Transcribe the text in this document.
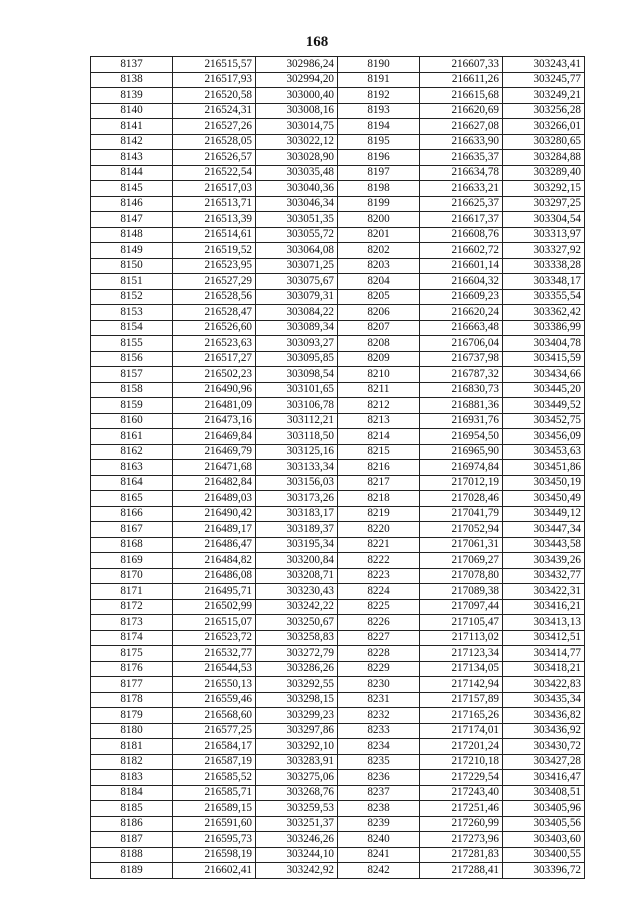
168
8137	216515,57	302986,24	8190	216607,33	303243,41
8138	216517,93	302994,20	8191	216611,26	303245,77
8139	216520,58	303000,40	8192	216615,68	303249,21
8140	216524,31	303008,16	8193	216620,69	303256,28
8141	216527,26	303014,75	8194	216627,08	303266,01
8142	216528,05	303022,12	8195	216633,90	303280,65
8143	216526,57	303028,90	8196	216635,37	303284,88
8144	216522,54	303035,48	8197	216634,78	303289,40
8145	216517,03	303040,36	8198	216633,21	303292,15
8146	216513,71	303046,34	8199	216625,37	303297,25
8147	216513,39	303051,35	8200	216617,37	303304,54
8148	216514,61	303055,72	8201	216608,76	303313,97
8149	216519,52	303064,08	8202	216602,72	303327,92
8150	216523,95	303071,25	8203	216601,14	303338,28
8151	216527,29	303075,67	8204	216604,32	303348,17
8152	216528,56	303079,31	8205	216609,23	303355,54
8153	216528,47	303084,22	8206	216620,24	303362,42
8154	216526,60	303089,34	8207	216663,48	303386,99
8155	216523,63	303093,27	8208	216706,04	303404,78
8156	216517,27	303095,85	8209	216737,98	303415,59
8157	216502,23	303098,54	8210	216787,32	303434,66
8158	216490,96	303101,65	8211	216830,73	303445,20
8159	216481,09	303106,78	8212	216881,36	303449,52
8160	216473,16	303112,21	8213	216931,76	303452,75
8161	216469,84	303118,50	8214	216954,50	303456,09
8162	216469,79	303125,16	8215	216965,90	303453,63
8163	216471,68	303133,34	8216	216974,84	303451,86
8164	216482,84	303156,03	8217	217012,19	303450,19
8165	216489,03	303173,26	8218	217028,46	303450,49
8166	216490,42	303183,17	8219	217041,79	303449,12
8167	216489,17	303189,37	8220	217052,94	303447,34
8168	216486,47	303195,34	8221	217061,31	303443,58
8169	216484,82	303200,84	8222	217069,27	303439,26
8170	216486,08	303208,71	8223	217078,80	303432,77
8171	216495,71	303230,43	8224	217089,38	303422,31
8172	216502,99	303242,22	8225	217097,44	303416,21
8173	216515,07	303250,67	8226	217105,47	303413,13
8174	216523,72	303258,83	8227	217113,02	303412,51
8175	216532,77	303272,79	8228	217123,34	303414,77
8176	216544,53	303286,26	8229	217134,05	303418,21
8177	216550,13	303292,55	8230	217142,94	303422,83
8178	216559,46	303298,15	8231	217157,89	303435,34
8179	216568,60	303299,23	8232	217165,26	303436,82
8180	216577,25	303297,86	8233	217174,01	303436,92
8181	216584,17	303292,10	8234	217201,24	303430,72
8182	216587,19	303283,91	8235	217210,18	303427,28
8183	216585,52	303275,06	8236	217229,54	303416,47
8184	216585,71	303268,76	8237	217243,40	303408,51
8185	216589,15	303259,53	8238	217251,46	303405,96
8186	216591,60	303251,37	8239	217260,99	303405,56
8187	216595,73	303246,26	8240	217273,96	303403,60
8188	216598,19	303244,10	8241	217281,83	303400,55
8189	216602,41	303242,92	8242	217288,41	303396,72
